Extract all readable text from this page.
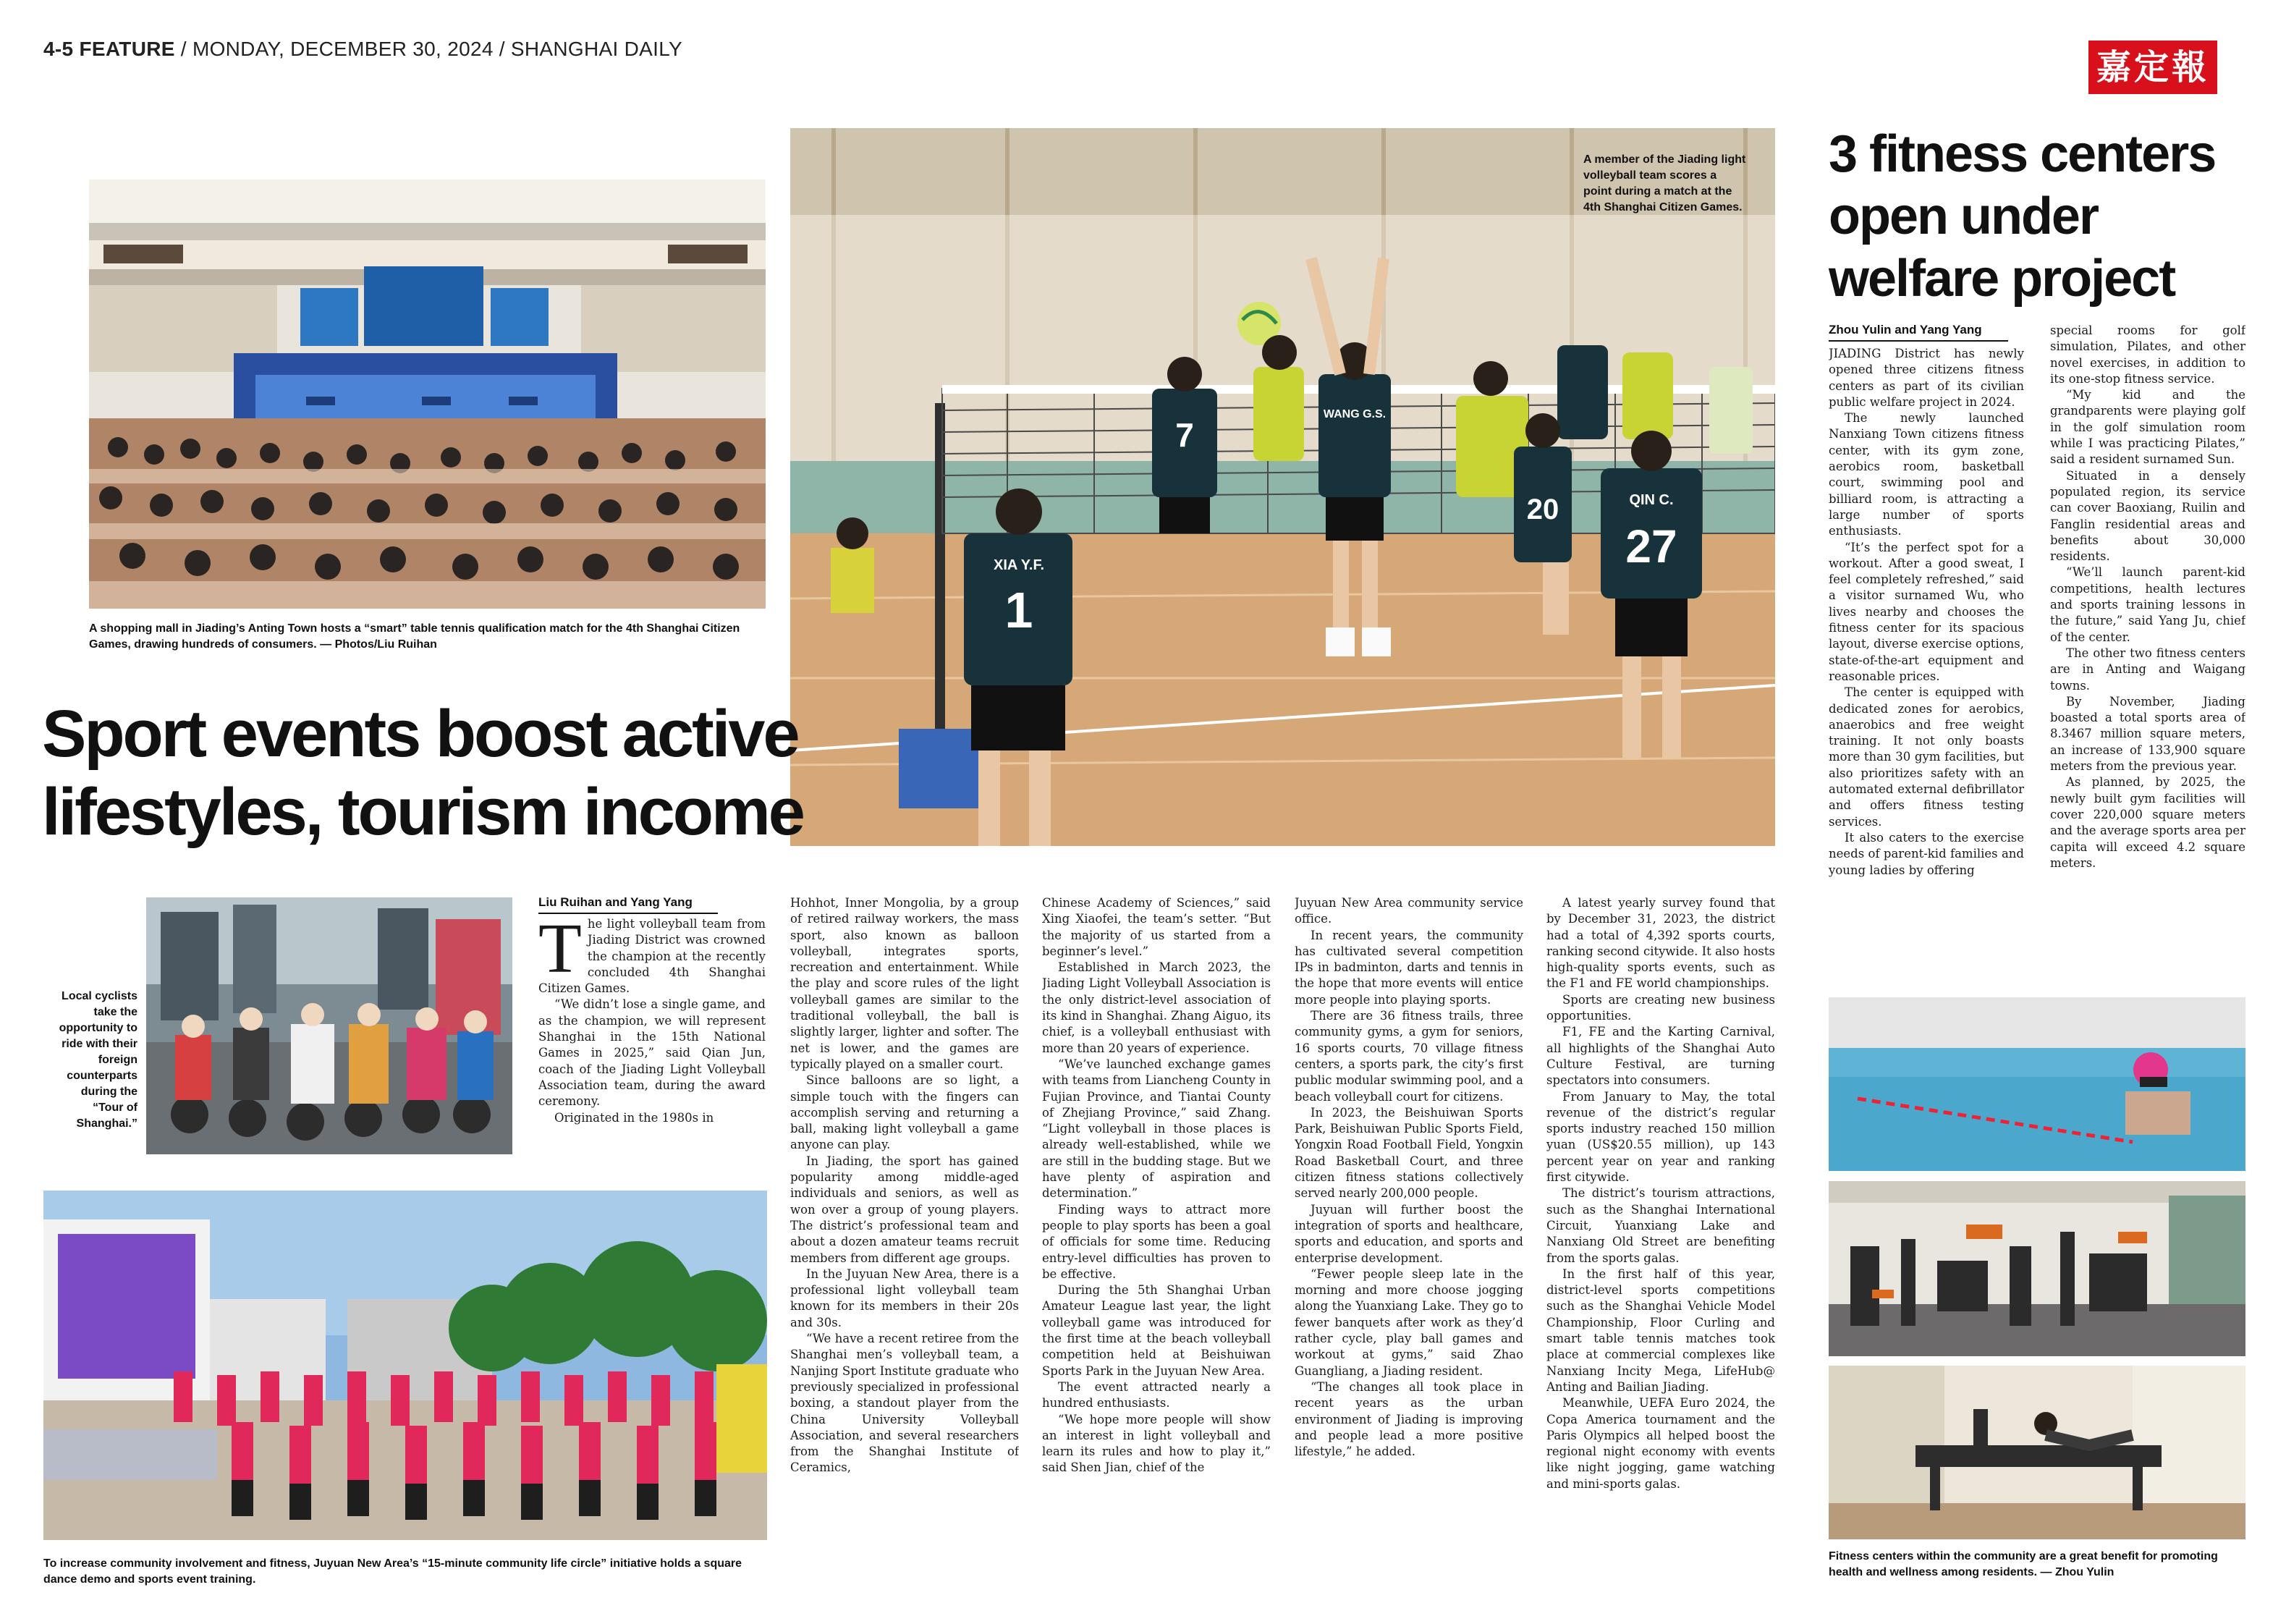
4-5 FEATURE / MONDAY, DECEMBER 30, 2024 / SHANGHAI DAILY	嘉定報
A shopping mall in Jiading’s Anting Town hosts a “smart” table tennis qualification match for the 4th Shanghai Citizen Games, drawing hundreds of consumers. — Photos/Liu Ruihan
1
XIA Y.F.	27
QIN C.
7
20
WANG G.S.
A member of the Jiading light volleyball team scores a point during a match at the 4th Shanghai Citizen Games.
Sport events boost active
lifestyles, tourism income
Local cyclists take the opportunity to ride with their foreign counterparts during the “Tour of Shanghai.”
To increase community involvement and fitness, Juyuan New Area’s “15-minute community life circle” initiative holds a square dance demo and sports event training.
Liu Ruihan and Yang Yang
T he light volleyball team from Jiading District was crowned the champion at the recently concluded 4th Shanghai Citizen Games.

“We didn’t lose a single game, and as the champion, we will represent Shanghai in the 15th National Games in 2025,” said Qian Jun, coach of the Jiading Light Volleyball Association team, during the award ceremony.

Originated in the 1980s in

Hohhot, Inner Mongolia, by a group of retired railway workers, the mass sport, also known as balloon volleyball, integrates sports, recreation and entertainment. While the play and score rules of the light volleyball games are similar to the traditional volleyball, the ball is slightly larger, lighter and softer. The net is lower, and the games are typically played on a smaller court.

Since balloons are so light, a simple touch with the fingers can accomplish serving and returning a ball, making light volleyball a game anyone can play.

In Jiading, the sport has gained popularity among middle-aged individuals and seniors, as well as won over a group of young players. The district’s professional team and about a dozen amateur teams recruit members from different age groups.

In the Juyuan New Area, there is a professional light volleyball team known for its members in their 20s and 30s.

“We have a recent retiree from the Shanghai men’s volleyball team, a Nanjing Sport Institute graduate who previously specialized in professional boxing, a standout player from the China University Volleyball Association, and several researchers from the Shanghai Institute of Ceramics,

Chinese Academy of Sciences,” said Xing Xiaofei, the team’s setter. “But the majority of us started from a beginner’s level.”

Established in March 2023, the Jiading Light Volleyball Association is the only district-level association of its kind in Shanghai. Zhang Aiguo, its chief, is a volleyball enthusiast with more than 20 years of experience.

“We’ve launched exchange games with teams from Liancheng County in Fujian Province, and Tiantai County of Zhejiang Province,” said Zhang. “Light volleyball in those places is already well-established, while we are still in the budding stage. But we have plenty of aspiration and determination.”

Finding ways to attract more people to play sports has been a goal of officials for some time. Reducing entry-level difficulties has proven to be effective.

During the 5th Shanghai Urban Amateur League last year, the light volleyball game was introduced for the first time at the beach volleyball competition held at Beishuiwan Sports Park in the Juyuan New Area.

The event attracted nearly a hundred enthusiasts.

“We hope more people will show an interest in light volleyball and learn its rules and how to play it,” said Shen Jian, chief of the

Juyuan New Area community service office.

In recent years, the community has cultivated several competition IPs in badminton, darts and tennis in the hope that more events will entice more people into playing sports.

There are 36 fitness trails, three community gyms, a gym for seniors, 16 sports courts, 70 village fitness centers, a sports park, the city’s first public modular swimming pool, and a beach volleyball court for citizens.

In 2023, the Beishuiwan Sports Park, Beishuiwan Public Sports Field, Yongxin Road Football Field, Yongxin Road Basketball Court, and three citizen fitness stations collectively served nearly 200,000 people.

Juyuan will further boost the integration of sports and healthcare, sports and education, and sports and enterprise development.

“Fewer people sleep late in the morning and more choose jogging along the Yuanxiang Lake. They go to fewer banquets after work as they’d rather cycle, play ball games and workout at gyms,” said Zhao Guangliang, a Jiading resident.

“The changes all took place in recent years as the urban environment of Jiading is improving and people lead a more positive lifestyle,” he added.

A latest yearly survey found that by December 31, 2023, the district had a total of 4,392 sports courts, ranking second citywide. It also hosts high-quality sports events, such as the F1 and FE world championships.

Sports are creating new business opportunities.

F1, FE and the Karting Carnival, all highlights of the Shanghai Auto Culture Festival, are turning spectators into consumers.

From January to May, the total revenue of the district’s regular sports industry reached 150 million yuan (US$20.55 million), up 143 percent year on year and ranking first citywide.

The district’s tourism attractions, such as the Shanghai International Circuit, Yuanxiang Lake and Nanxiang Old Street are benefiting from the sports galas.

In the first half of this year, district-level sports competitions such as the Shanghai Vehicle Model Championship, Floor Curling and smart table tennis matches took place at commercial complexes like Nanxiang Incity Mega, LifeHub@ Anting and Bailian Jiading.

Meanwhile, UEFA Euro 2024, the Copa America tournament and the Paris Olympics all helped boost the regional night economy with events like night jogging, game watching and mini-sports galas.

3 fitness centers
open under
welfare project
Zhou Yulin and Yang Yang

JIADING District has newly opened three citizens fitness centers as part of its civilian public welfare project in 2024.

The newly launched Nanxiang Town citizens fitness center, with its gym zone, aerobics room, basketball court, swimming pool and billiard room, is attracting a large number of sports enthusiasts.

“It’s the perfect spot for a workout. After a good sweat, I feel completely refreshed,” said a visitor surnamed Wu, who lives nearby and chooses the fitness center for its spacious layout, diverse exercise options, state-of-the-art equipment and reasonable prices.

The center is equipped with dedicated zones for aerobics, anaerobics and free weight training. It not only boasts more than 30 gym facilities, but also prioritizes safety with an automated external defibrillator and offers fitness testing services.

It also caters to the exercise needs of parent-kid families and young ladies by offering

special rooms for golf simulation, Pilates, and other novel exercises, in addition to its one-stop fitness service.

“My kid and the grandparents were playing golf in the golf simulation room while I was practicing Pilates,” said a resident surnamed Sun.

Situated in a densely populated region, its service can cover Baoxiang, Ruilin and Fanglin residential areas and benefits about 30,000 residents.

“We’ll launch parent-kid competitions, health lectures and sports training lessons in the future,” said Yang Ju, chief of the center.

The other two fitness centers are in Anting and Waigang towns.

By November, Jiading boasted a total sports area of 8.3467 million square meters, an increase of 133,900 square meters from the previous year.

As planned, by 2025, the newly built gym facilities will cover 220,000 square meters and the average sports area per capita will exceed 4.2 square meters.

Fitness centers within the community are a great benefit for promoting health and wellness among residents. — Zhou Yulin
